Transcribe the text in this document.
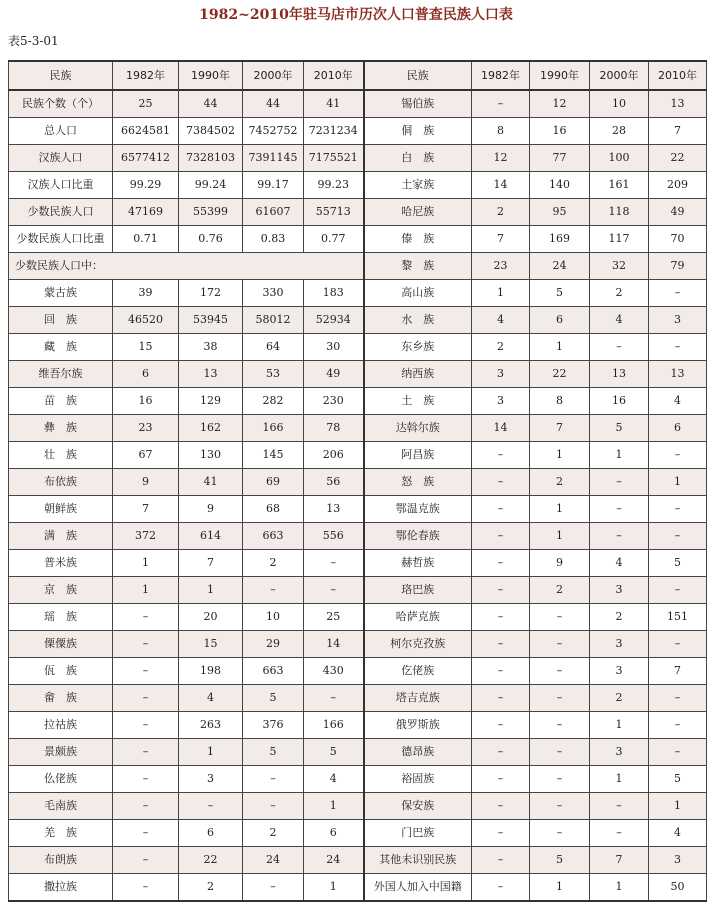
1982~2010年驻马店市历次人口普查民族人口表
表5-3-01
民族	1982年	1990年	2000年	2010年	民族	1982年	1990年	2000年	2010年
民族个数（个）	25	44	44	41	锡伯族	–	12	10	13
总人口	6624581	7384502	7452752	7231234	侗　族	8	16	28	7
汉族人口	6577412	7328103	7391145	7175521	白　族	12	77	100	22
汉族人口比重	99.29	99.24	99.17	99.23	土家族	14	140	161	209
少数民族人口	47169	55399	61607	55713	哈尼族	2	95	118	49
少数民族人口比重	0.71	0.76	0.83	0.77	傣　族	7	169	117	70
少数民族人口中：					黎　族	23	24	32	79
蒙古族	39	172	330	183	高山族	1	5	2	–
回　族	46520	53945	58012	52934	水　族	4	6	4	3
藏　族	15	38	64	30	东乡族	2	1	–	–
维吾尔族	6	13	53	49	纳西族	3	22	13	13
苗　族	16	129	282	230	土　族	3	8	16	4
彝　族	23	162	166	78	达斡尔族	14	7	5	6
壮　族	67	130	145	206	阿昌族	–	1	1	–
布依族	9	41	69	56	怒　族	–	2	–	1
朝鲜族	7	9	68	13	鄂温克族	–	1	–	–
满　族	372	614	663	556	鄂伦春族	–	1	–	–
普米族	1	7	2	–	赫哲族	–	9	4	5
京　族	1	1	–	–	珞巴族	–	2	3	–
瑶　族	–	20	10	25	哈萨克族	–	–	2	151
傈僳族	–	15	29	14	柯尔克孜族	–	–	3	–
佤　族	–	198	663	430	仡佬族	–	–	3	7
畲　族	–	4	5	–	塔吉克族	–	–	2	–
拉祜族	–	263	376	166	俄罗斯族	–	–	1	–
景颇族	–	1	5	5	德昂族	–	–	3	–
仫佬族	–	3	–	4	裕固族	–	–	1	5
毛南族	–	–	–	1	保安族	–	–	–	1
羌　族	–	6	2	6	门巴族	–	–	–	4
布朗族	–	22	24	24	其他未识别民族	–	5	7	3
撒拉族	–	2	–	1	外国人加入中国籍	–	1	1	50
